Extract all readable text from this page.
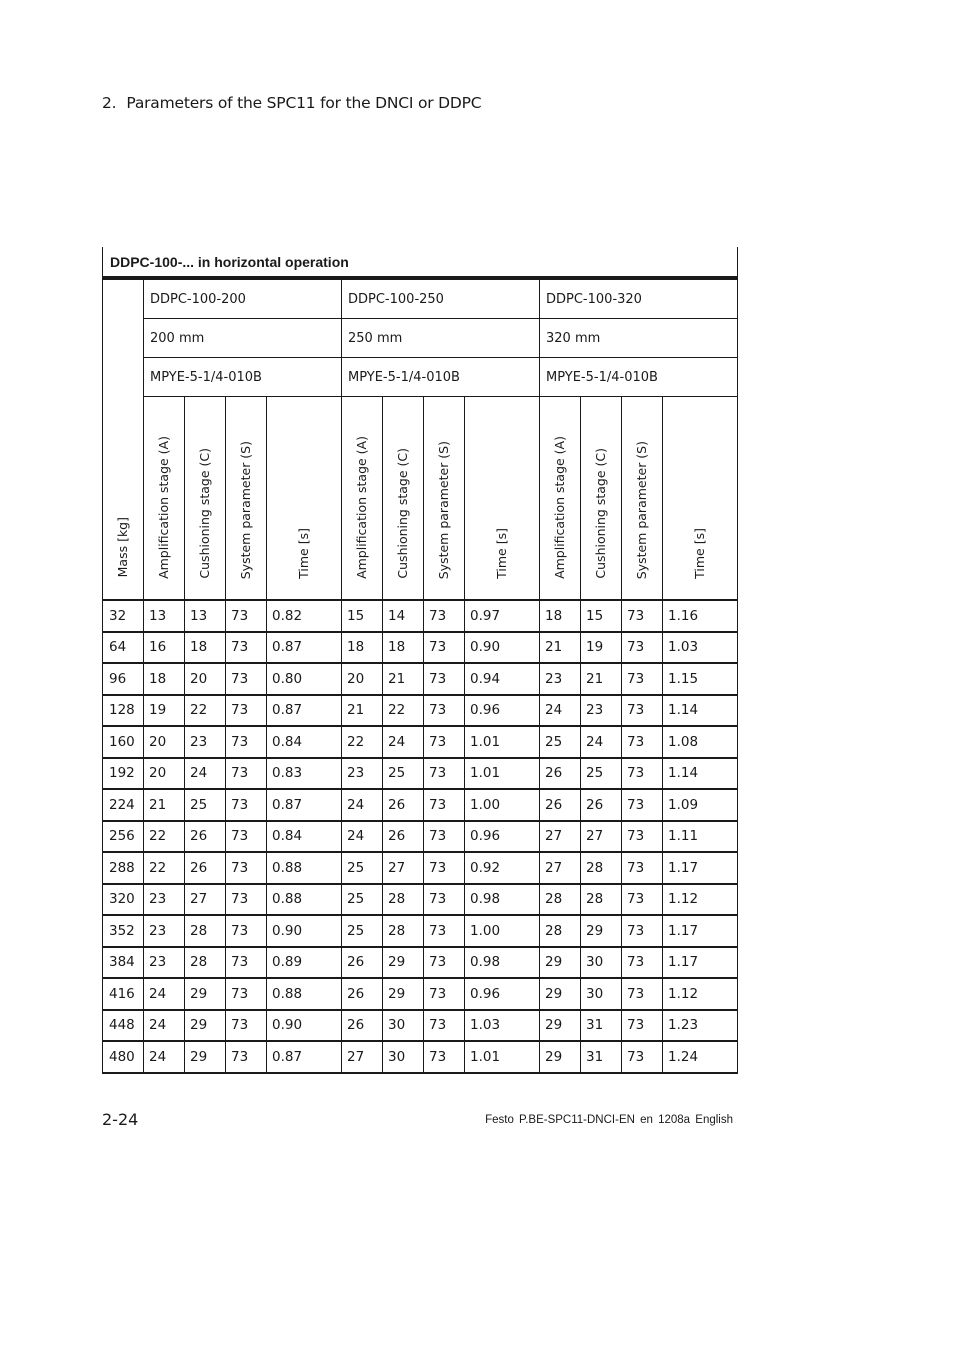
2. Parameters of the SPC11 for the DNCI or DDPC
DDPC-100-... in horizontal operation												
Mass [kg]	DDPC-100-200				DDPC-100-250				DDPC-100-320			
	200 mm				250 mm				320 mm			
	MPYE-5-1/4-010B				MPYE-5-1/4-010B				MPYE-5-1/4-010B			
	Amplification stage (A)	Cushioning stage (C)	System parameter (S)	Time [s]	Amplification stage (A)	Cushioning stage (C)	System parameter (S)	Time [s]	Amplification stage (A)	Cushioning stage (C)	System parameter (S)	Time [s]
32	13	13	73	0.82	15	14	73	0.97	18	15	73	1.16
64	16	18	73	0.87	18	18	73	0.90	21	19	73	1.03
96	18	20	73	0.80	20	21	73	0.94	23	21	73	1.15
128	19	22	73	0.87	21	22	73	0.96	24	23	73	1.14
160	20	23	73	0.84	22	24	73	1.01	25	24	73	1.08
192	20	24	73	0.83	23	25	73	1.01	26	25	73	1.14
224	21	25	73	0.87	24	26	73	1.00	26	26	73	1.09
256	22	26	73	0.84	24	26	73	0.96	27	27	73	1.11
288	22	26	73	0.88	25	27	73	0.92	27	28	73	1.17
320	23	27	73	0.88	25	28	73	0.98	28	28	73	1.12
352	23	28	73	0.90	25	28	73	1.00	28	29	73	1.17
384	23	28	73	0.89	26	29	73	0.98	29	30	73	1.17
416	24	29	73	0.88	26	29	73	0.96	29	30	73	1.12
448	24	29	73	0.90	26	30	73	1.03	29	31	73	1.23
480	24	29	73	0.87	27	30	73	1.01	29	31	73	1.24
2-24	Festo P.BE-SPC11-DNCI-EN en 1208a English
